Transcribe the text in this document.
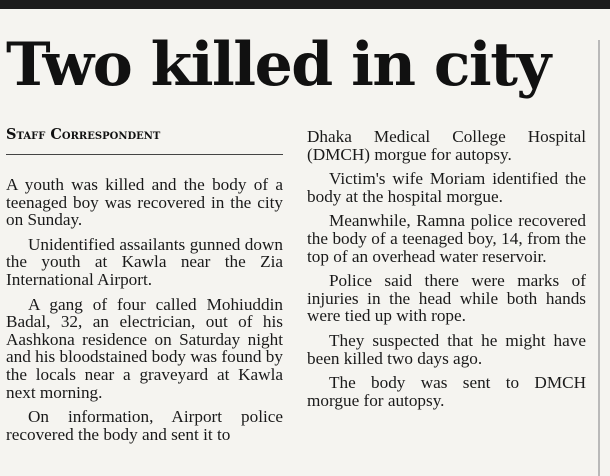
Two killed in city
Staff Correspondent

A youth was killed and the body of a teenaged boy was recovered in the city on Sunday.

Unidentified assailants gunned down the youth at Kawla near the Zia International Airport.

A gang of four called Mohiuddin Badal, 32, an electrician, out of his Aashkona residence on Saturday night and his bloodstained body was found by the locals near a graveyard at Kawla next morning.

On information, Airport police recovered the body and sent it to

Dhaka Medical College Hospital (DMCH) morgue for autopsy.

Victim's wife Moriam identified the body at the hospital morgue.

Meanwhile, Ramna police recovered the body of a teenaged boy, 14, from the top of an overhead water reservoir.

Police said there were marks of injuries in the head while both hands were tied up with rope.

They suspected that he might have been killed two days ago.

The body was sent to DMCH morgue for autopsy.
